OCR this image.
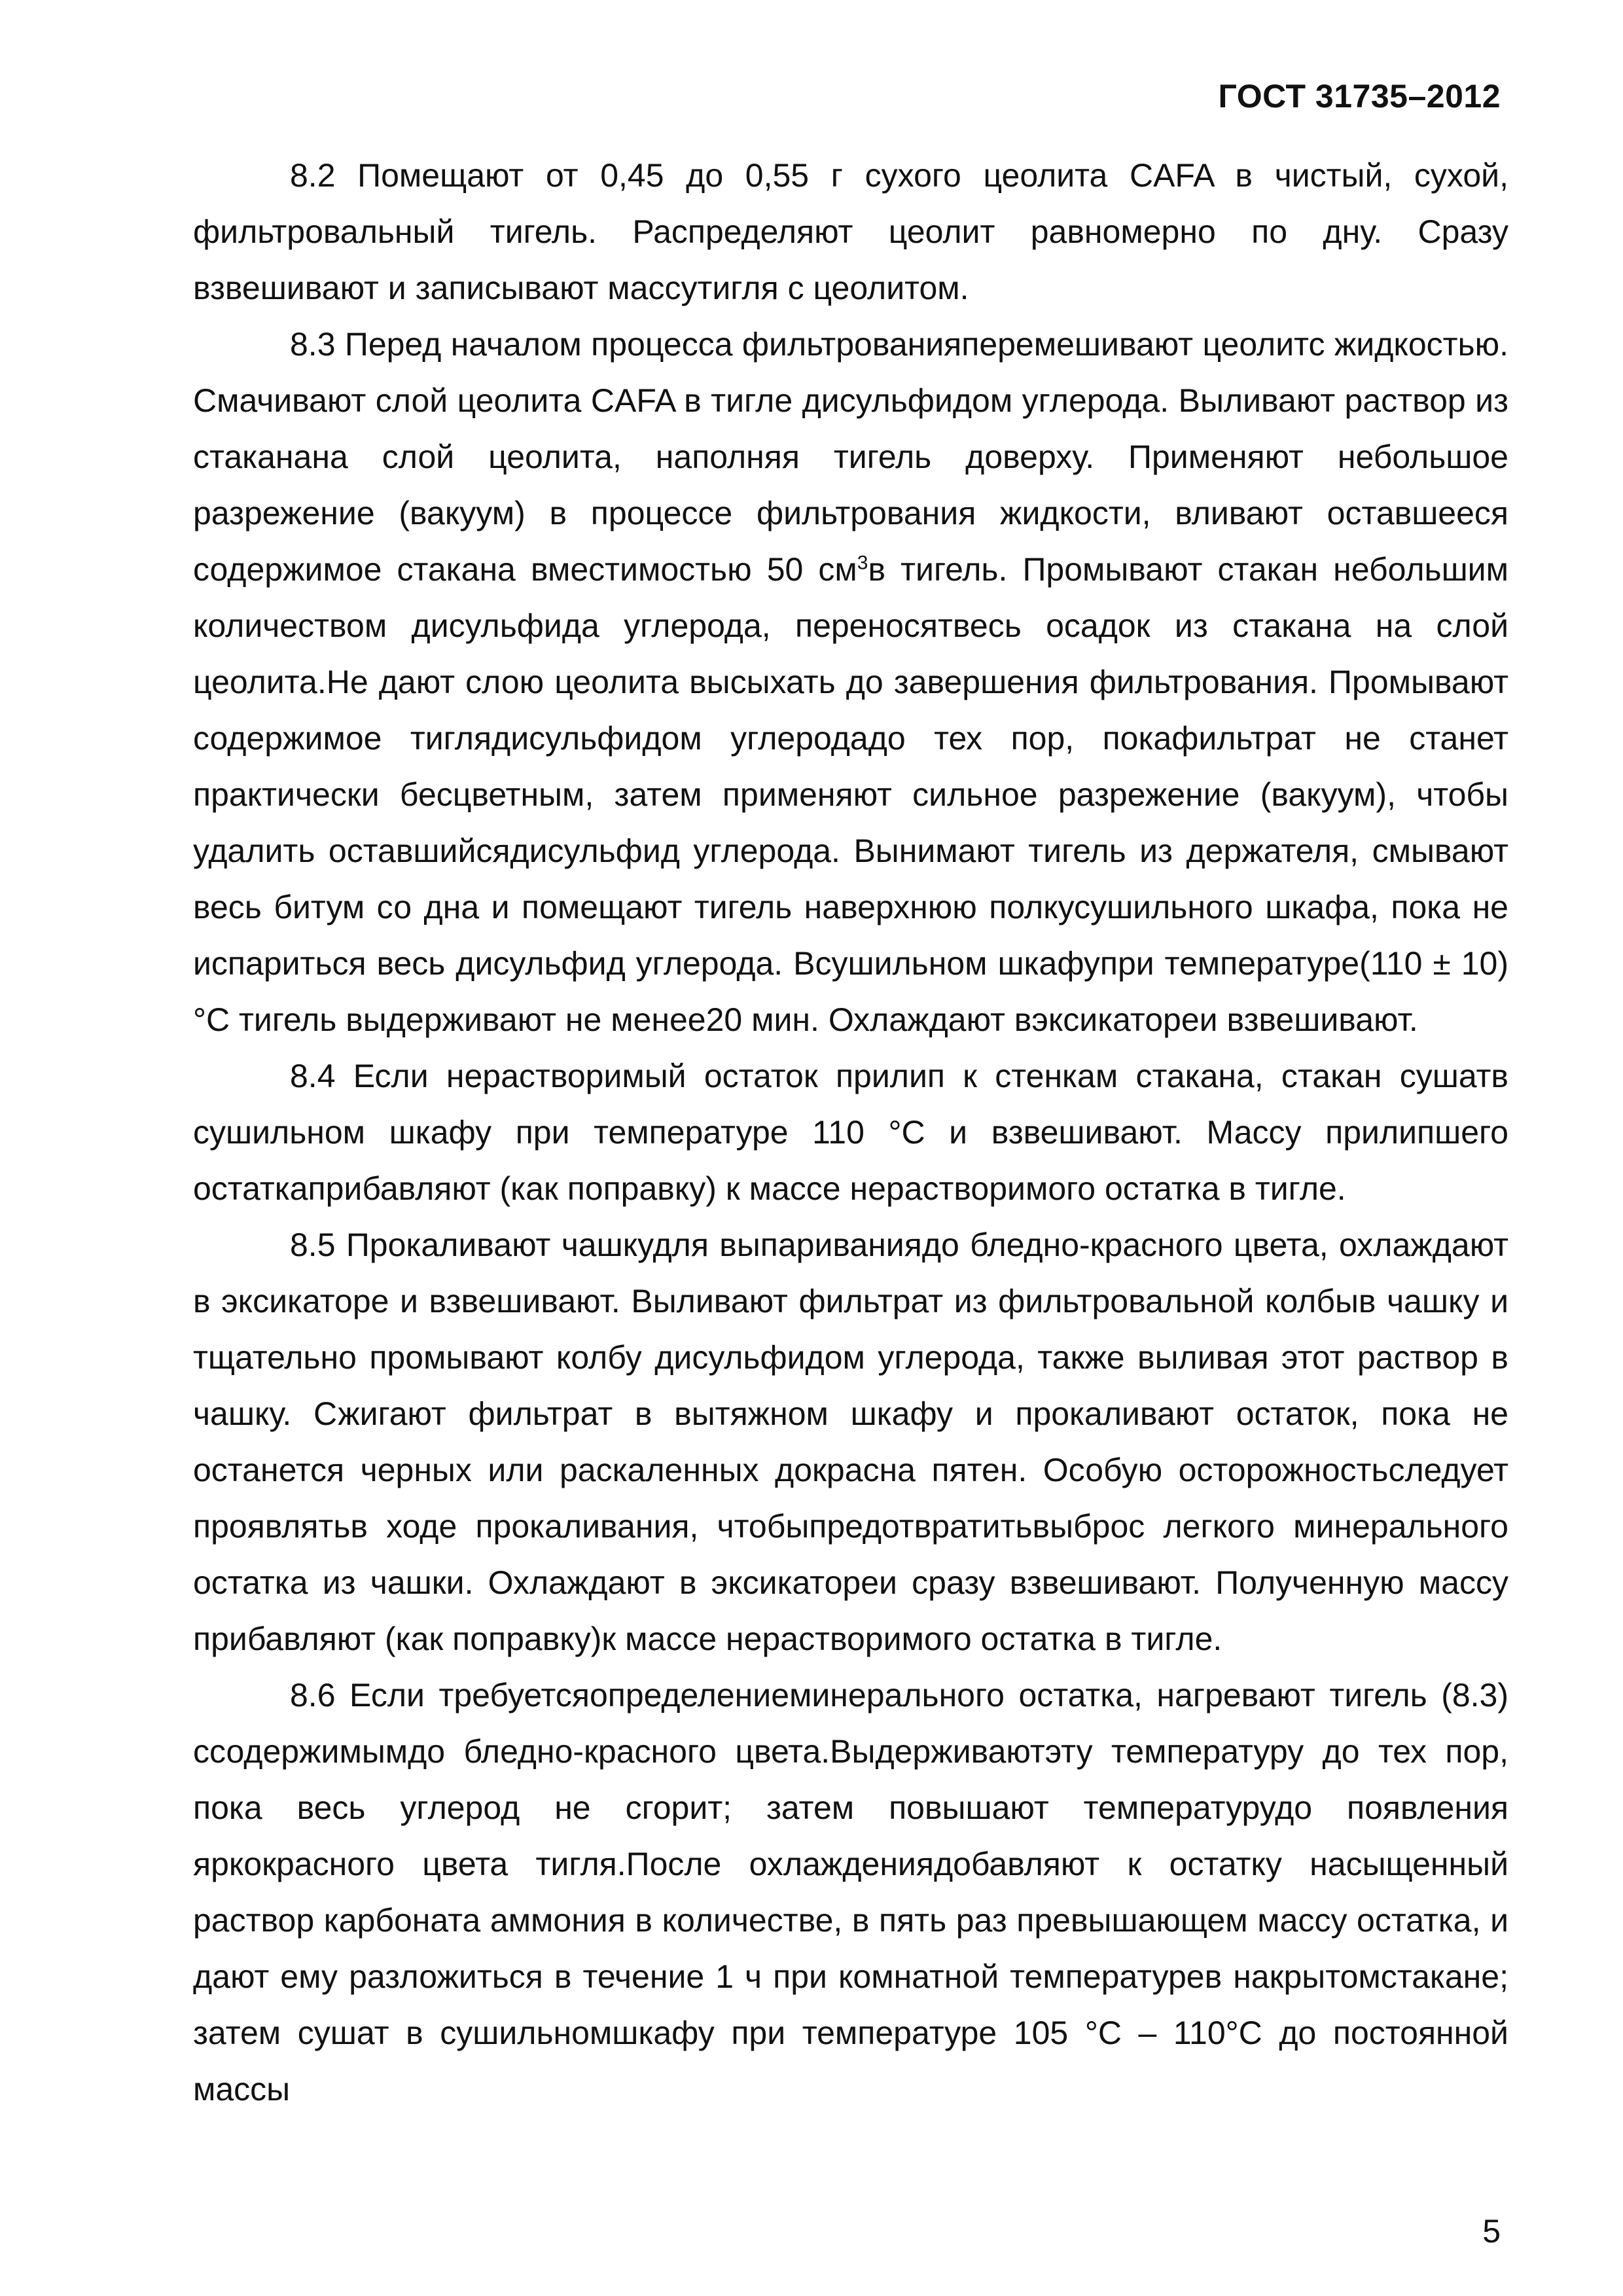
ГОСТ 31735–2012

8.2 Помещают от 0,45 до 0,55 г сухого цеолита CAFA в чистый, сухой, фильтровальный тигель. Распределяют цеолит равномерно по дну. Сразу взвешивают и записывают массутигля с цеолитом.

8.3 Перед началом процесса фильтрованияперемешивают цеолитс жидкостью. Смачивают слой цеолита CAFA в тигле дисульфидом углерода. Выливают раствор из стаканана слой цеолита, наполняя тигель доверху. Применяют небольшое разрежение (вакуум) в процессе фильтрования жидкости, вливают оставшееся содержимое стакана вместимостью 50 $см^3в$ тигель. Промывают стакан небольшим количеством дисульфида углерода, переносятвесь осадок из стакана на слой цеолита.Не дают слою цеолита высыхать до завершения фильтрования. Промывают содержимое тиглядисульфидом углеродадо тех пор, покафильтрат не станет практически бесцветным, затем применяют сильное разрежение (вакуум), чтобы удалить оставшийсядисульфид углерода. Вынимают тигель из держателя, смывают весь битум со дна и помещают тигель наверхнюю полкусушильного шкафа, пока не испариться весь дисульфид углерода. Всушильном шкафупри температуре(110 ± 10)°С тигель выдерживают не менее20 мин. Охлаждают вэксикаторeи взвешивают.

8.4 Если нерастворимый остаток прилип к стенкам стакана, стакан сушатв сушильном шкафу при температуре 110 °С и взвешивают. Массу прилипшего остаткаприбавляют (как поправку) к массе нерастворимого остатка в тигле.

8.5 Прокаливают чашкудля выпариваниядо бледно-красного цвета, охлаждают в эксикаторе и взвешивают. Выливают фильтрат из фильтровальной колбыв чашку и тщательно промывают колбу дисульфидом углерода, также выливая этот раствор в чашку. Сжигают фильтрат в вытяжном шкафу и прокаливают остаток, пока не останется черных или раскаленных докрасна пятен. Особую осторожностьследует проявлятьв ходе прокаливания, чтобыпредотвратитьвыброс легкого минерального остатка из чашки. Охлаждают в эксикаторeи сразу взвешивают. Полученную массу прибавляют (как поправку)к массе нерастворимого остатка в тигле.

8.6 Если требуетсяопределениеминерального остатка, нагревают тигель (8.3) ссодержимымдо бледно-красного цвета.Выдерживаютэту температуру до тех пор, пока весь углерод не сгорит; затем повышают температурудо появления яркокрасного цвета тигля.После охлаждениядобавляют к остатку насыщенный раствор карбоната аммония в количестве, в пять раз превышающем массу остатка, и дают ему разложиться в течение 1 ч при комнатной температурев накрытомстакане; затем сушат в сушильномшкафу при температуре 105 °С – 110°С до постоянной массы

5
